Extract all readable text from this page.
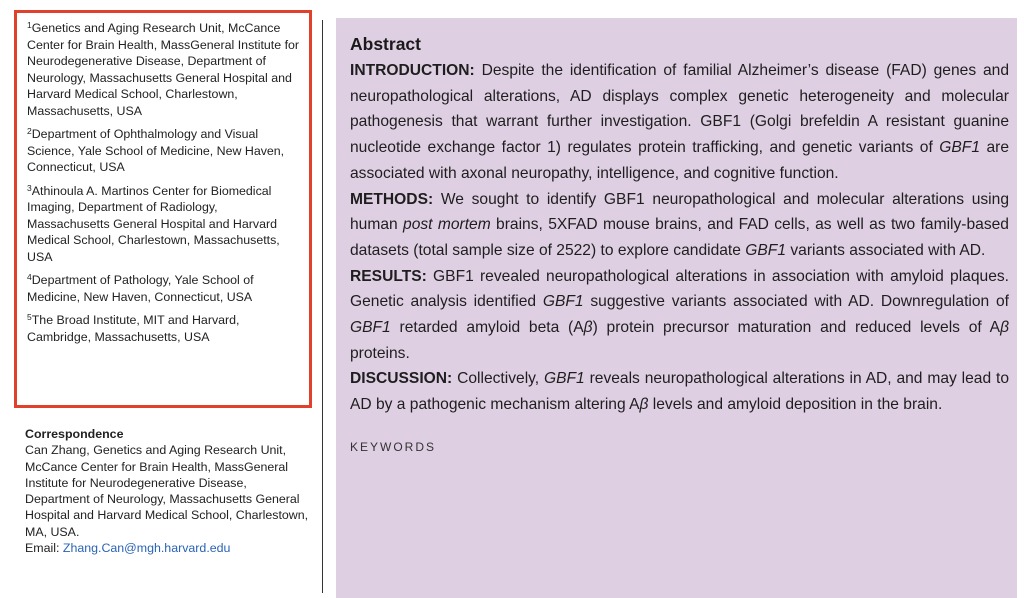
$^1$Genetics and Aging Research Unit, McCance Center for Brain Health, MassGeneral Institute for Neurodegenerative Disease, Department of Neurology, Massachusetts General Hospital and Harvard Medical School, Charlestown, Massachusetts, USA

$^2$Department of Ophthalmology and Visual Science, Yale School of Medicine, New Haven, Connecticut, USA

$^3$Athinoula A. Martinos Center for Biomedical Imaging, Department of Radiology, Massachusetts General Hospital and Harvard Medical School, Charlestown, Massachusetts, USA

$^4$Department of Pathology, Yale School of Medicine, New Haven, Connecticut, USA

$^5$The Broad Institute, MIT and Harvard, Cambridge, Massachusetts, USA

Correspondence
Can Zhang, Genetics and Aging Research Unit, McCance Center for Brain Health, MassGeneral Institute for Neurodegenerative Disease, Department of Neurology, Massachusetts General Hospital and Harvard Medical School, Charlestown, MA, USA.
Email: Zhang.Can@mgh.harvard.edu
Abstract

INTRODUCTION: Despite the identification of familial Alzheimer’s disease (FAD) genes and neuropathological alterations, AD displays complex genetic heterogeneity and molecular pathogenesis that warrant further investigation. GBF1 (Golgi brefeldin A resistant guanine nucleotide exchange factor 1) regulates protein trafficking, and genetic variants of GBF1 are associated with axonal neuropathy, intelligence, and cognitive function.

METHODS: We sought to identify GBF1 neuropathological and molecular alterations using human post mortem brains, 5XFAD mouse brains, and FAD cells, as well as two family-based datasets (total sample size of 2522) to explore candidate GBF1 variants associated with AD.

RESULTS: GBF1 revealed neuropathological alterations in association with amyloid plaques. Genetic analysis identified GBF1 suggestive variants associated with AD. Downregulation of GBF1 retarded amyloid beta (Aβ) protein precursor maturation and reduced levels of Aβ proteins.

DISCUSSION: Collectively, GBF1 reveals neuropathological alterations in AD, and may lead to AD by a pathogenic mechanism altering Aβ levels and amyloid deposition in the brain.

KEYWORDS
